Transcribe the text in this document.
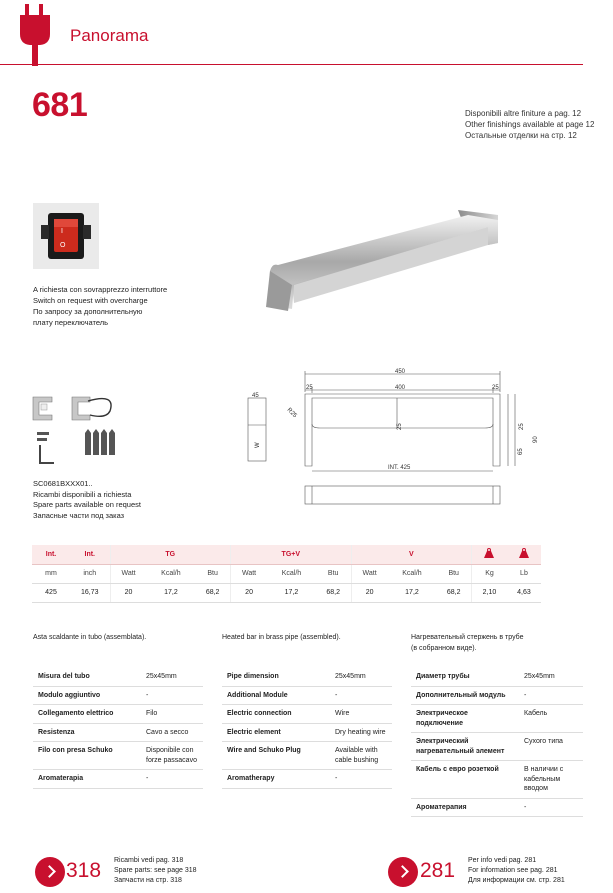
Panorama
681	Disponibili altre finiture a pag. 12
Other finishings available at page 12
Остальные отделки на стр. 12
I
O
A richiesta con sovrapprezzo interruttore
Switch on request with overcharge
По запросу за дополнительную
плату переключатель
SC0681BXXX01..
Ricambi disponibili a richiesta
Spare parts available on request
Запасные части под заказ
450
25	400	25
R25
25	25
90
65
INT. 425
45
W
Int.	Int.	TG			TG+V			V		
mm	inch	Watt	Kcal/h	Btu	Watt	Kcal/h	Btu	Watt	Kcal/h	Btu	Kg	Lb
425	16,73	20	17,2	68,2	20	17,2	68,2	20	17,2	68,2	2,10	4,63
Asta scaldante in tubo (assemblata).	Heated bar in brass pipe (assembled).	Нагревательный стержень в трубе
(в собранном виде).
Misura del tubo	25x45mm
Modulo aggiuntivo	-
Collegamento elettrico	Filo
Resistenza	Cavo a secco
Filo con presa Schuko	Disponibile con forze passacavo
Aromaterapia	-
Pipe dimension	25x45mm
Additional Module	-
Electric connection	Wire
Electric element	Dry heating wire
Wire and Schuko Plug	Available with cable bushing
Aromatherapy	-
Диаметр трубы	25x45mm
Дополнительный модуль	-
Электрическое подключение	Кабель
Электрический нагревательный элемент	Сухого типа
Кабель с евро розеткой	В наличии с кабельным вводом
Ароматерапия	-
318 Ricambi vedi pag. 318
Spare parts: see page 318
Запчасти на стр. 318	281 Per info vedi pag. 281
For information see pag. 281
Для информации см. стр. 281
